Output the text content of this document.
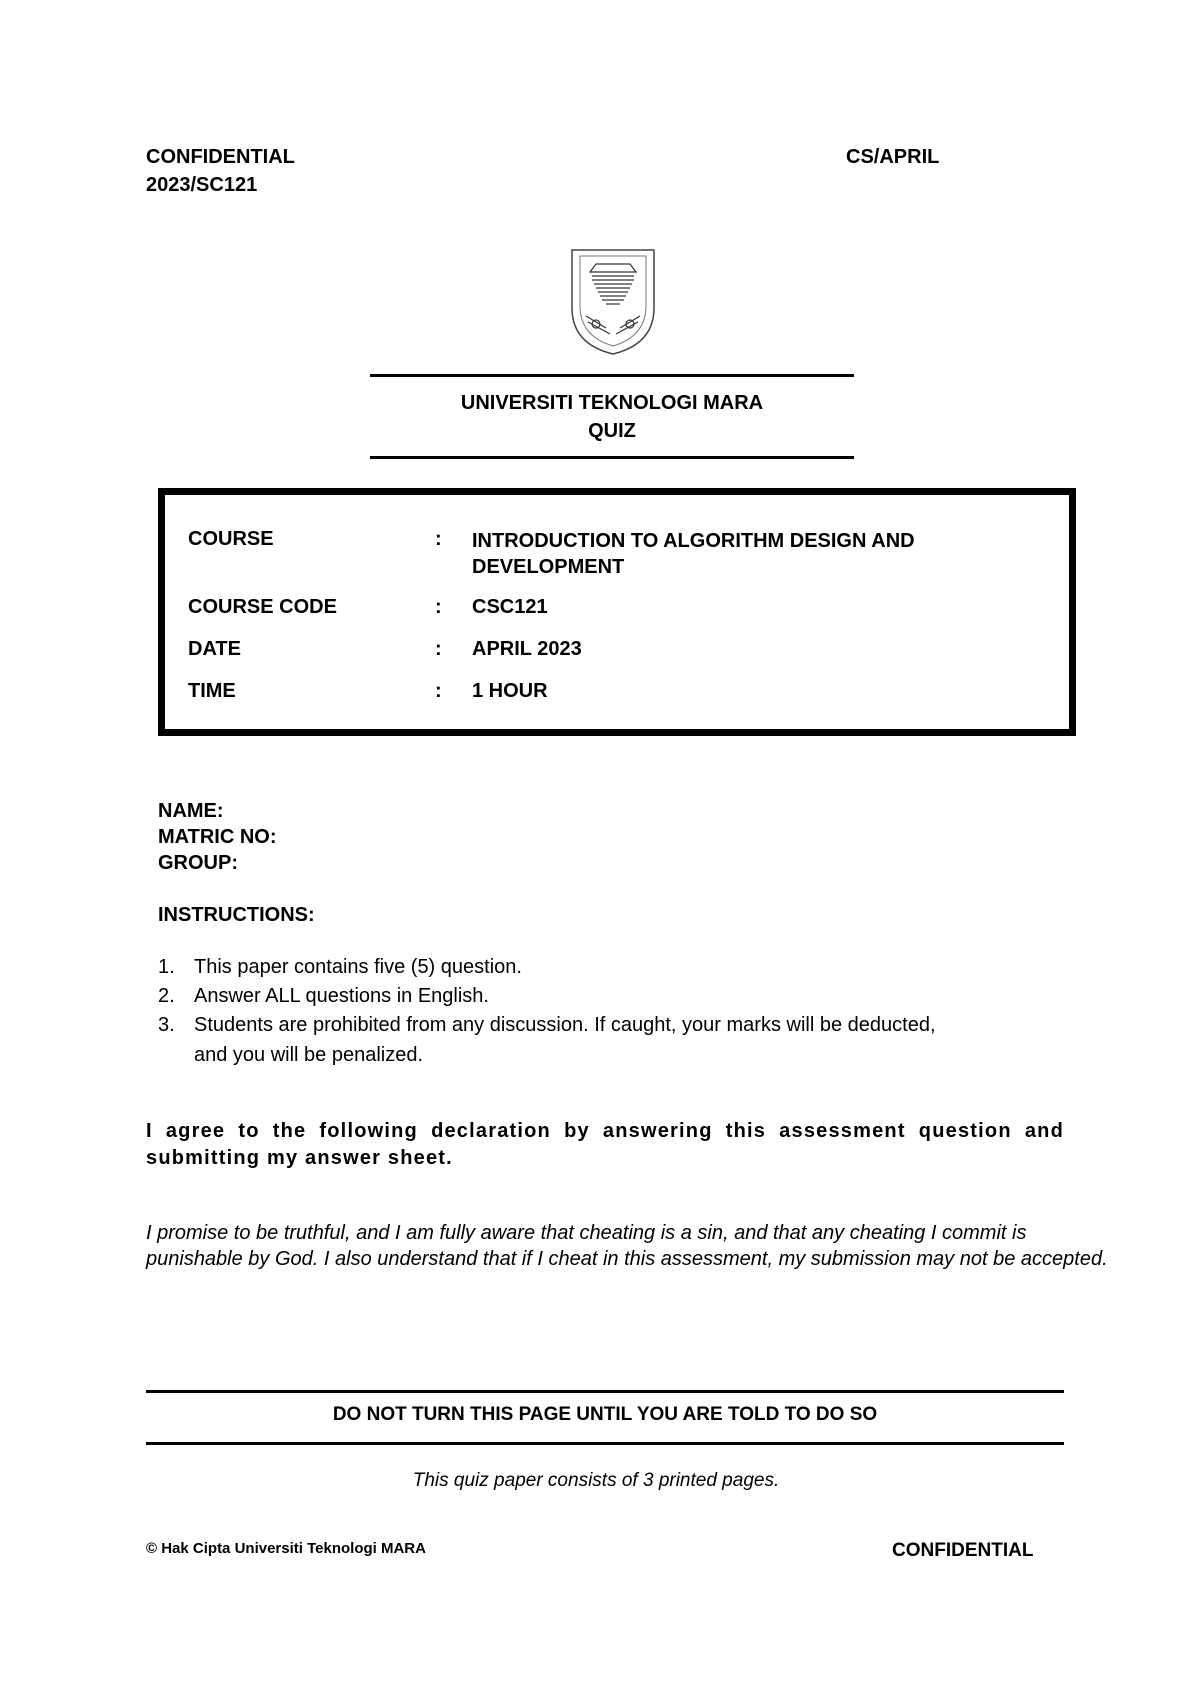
CONFIDENTIAL
2023/SC121
CS/APRIL
UNIVERSITI TEKNOLOGI MARA
QUIZ
COURSE	: INTRODUCTION TO ALGORITHM DESIGN AND DEVELOPMENT
COURSE CODE	: CSC121
DATE	: APRIL 2023
TIME	: 1 HOUR
NAME:
MATRIC NO:
GROUP:
INSTRUCTIONS:
1. This paper contains five (5) question.
2. Answer ALL questions in English.
3. Students are prohibited from any discussion. If caught, your marks will be deducted,
and you will be penalized.
I agree to the following declaration by answering this assessment question and submitting my answer sheet.
I promise to be truthful, and I am fully aware that cheating is a sin, and that any cheating I commit is punishable by God. I also understand that if I cheat in this assessment, my submission may not be accepted.
DO NOT TURN THIS PAGE UNTIL YOU ARE TOLD TO DO SO
This quiz paper consists of 3 printed pages.
© Hak Cipta Universiti Teknologi MARA	CONFIDENTIAL
